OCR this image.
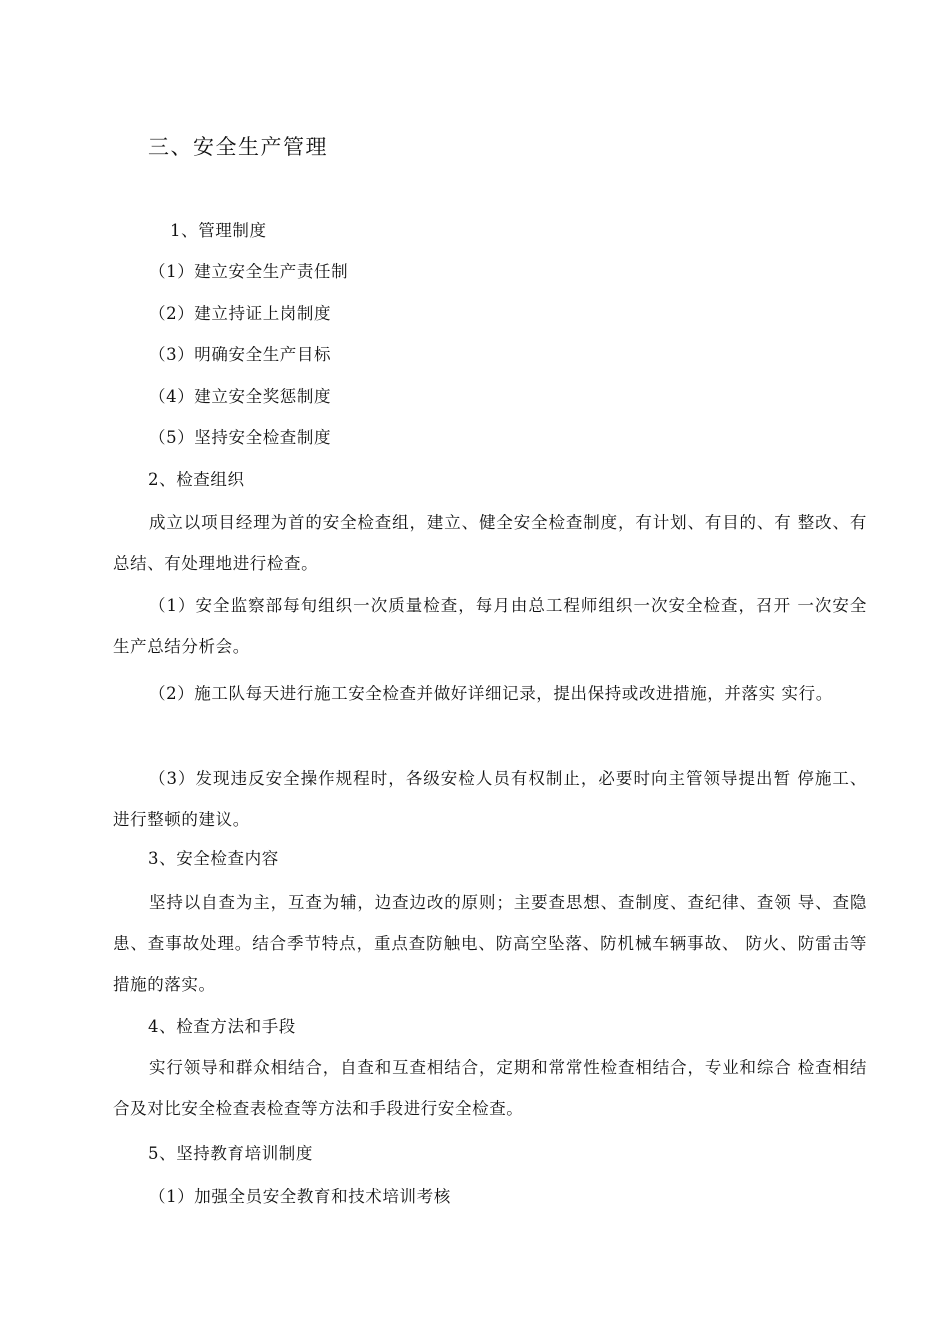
三、安全生产管理
1、管理制度
（1）建立安全生产责任制
（2）建立持证上岗制度
（3）明确安全生产目标
（4）建立安全奖惩制度
（5）坚持安全检查制度
2、检查组织
成立以项目经理为首的安全检查组，建立、健全安全检查制度，有计划、有目的、有 整改、有总结、有处理地进行检查。
（1）安全监察部每旬组织一次质量检查，每月由总工程师组织一次安全检查，召开 一次安全生产总结分析会。
（2）施工队每天进行施工安全检查并做好详细记录，提出保持或改进措施，并落实 实行。
（3）发现违反安全操作规程时，各级安检人员有权制止，必要时向主管领导提出暂 停施工、进行整顿的建议。
3、安全检查内容
坚持以自查为主，互查为辅，边查边改的原则；主要查思想、查制度、查纪律、查领 导、查隐患、查事故处理。结合季节特点，重点查防触电、防高空坠落、防机械车辆事故、 防火、防雷击等措施的落实。
4、检查方法和手段
实行领导和群众相结合，自查和互查相结合，定期和常常性检查相结合，专业和综合 检查相结合及对比安全检查表检查等方法和手段进行安全检查。
5、坚持教育培训制度
（1）加强全员安全教育和技术培训考核
